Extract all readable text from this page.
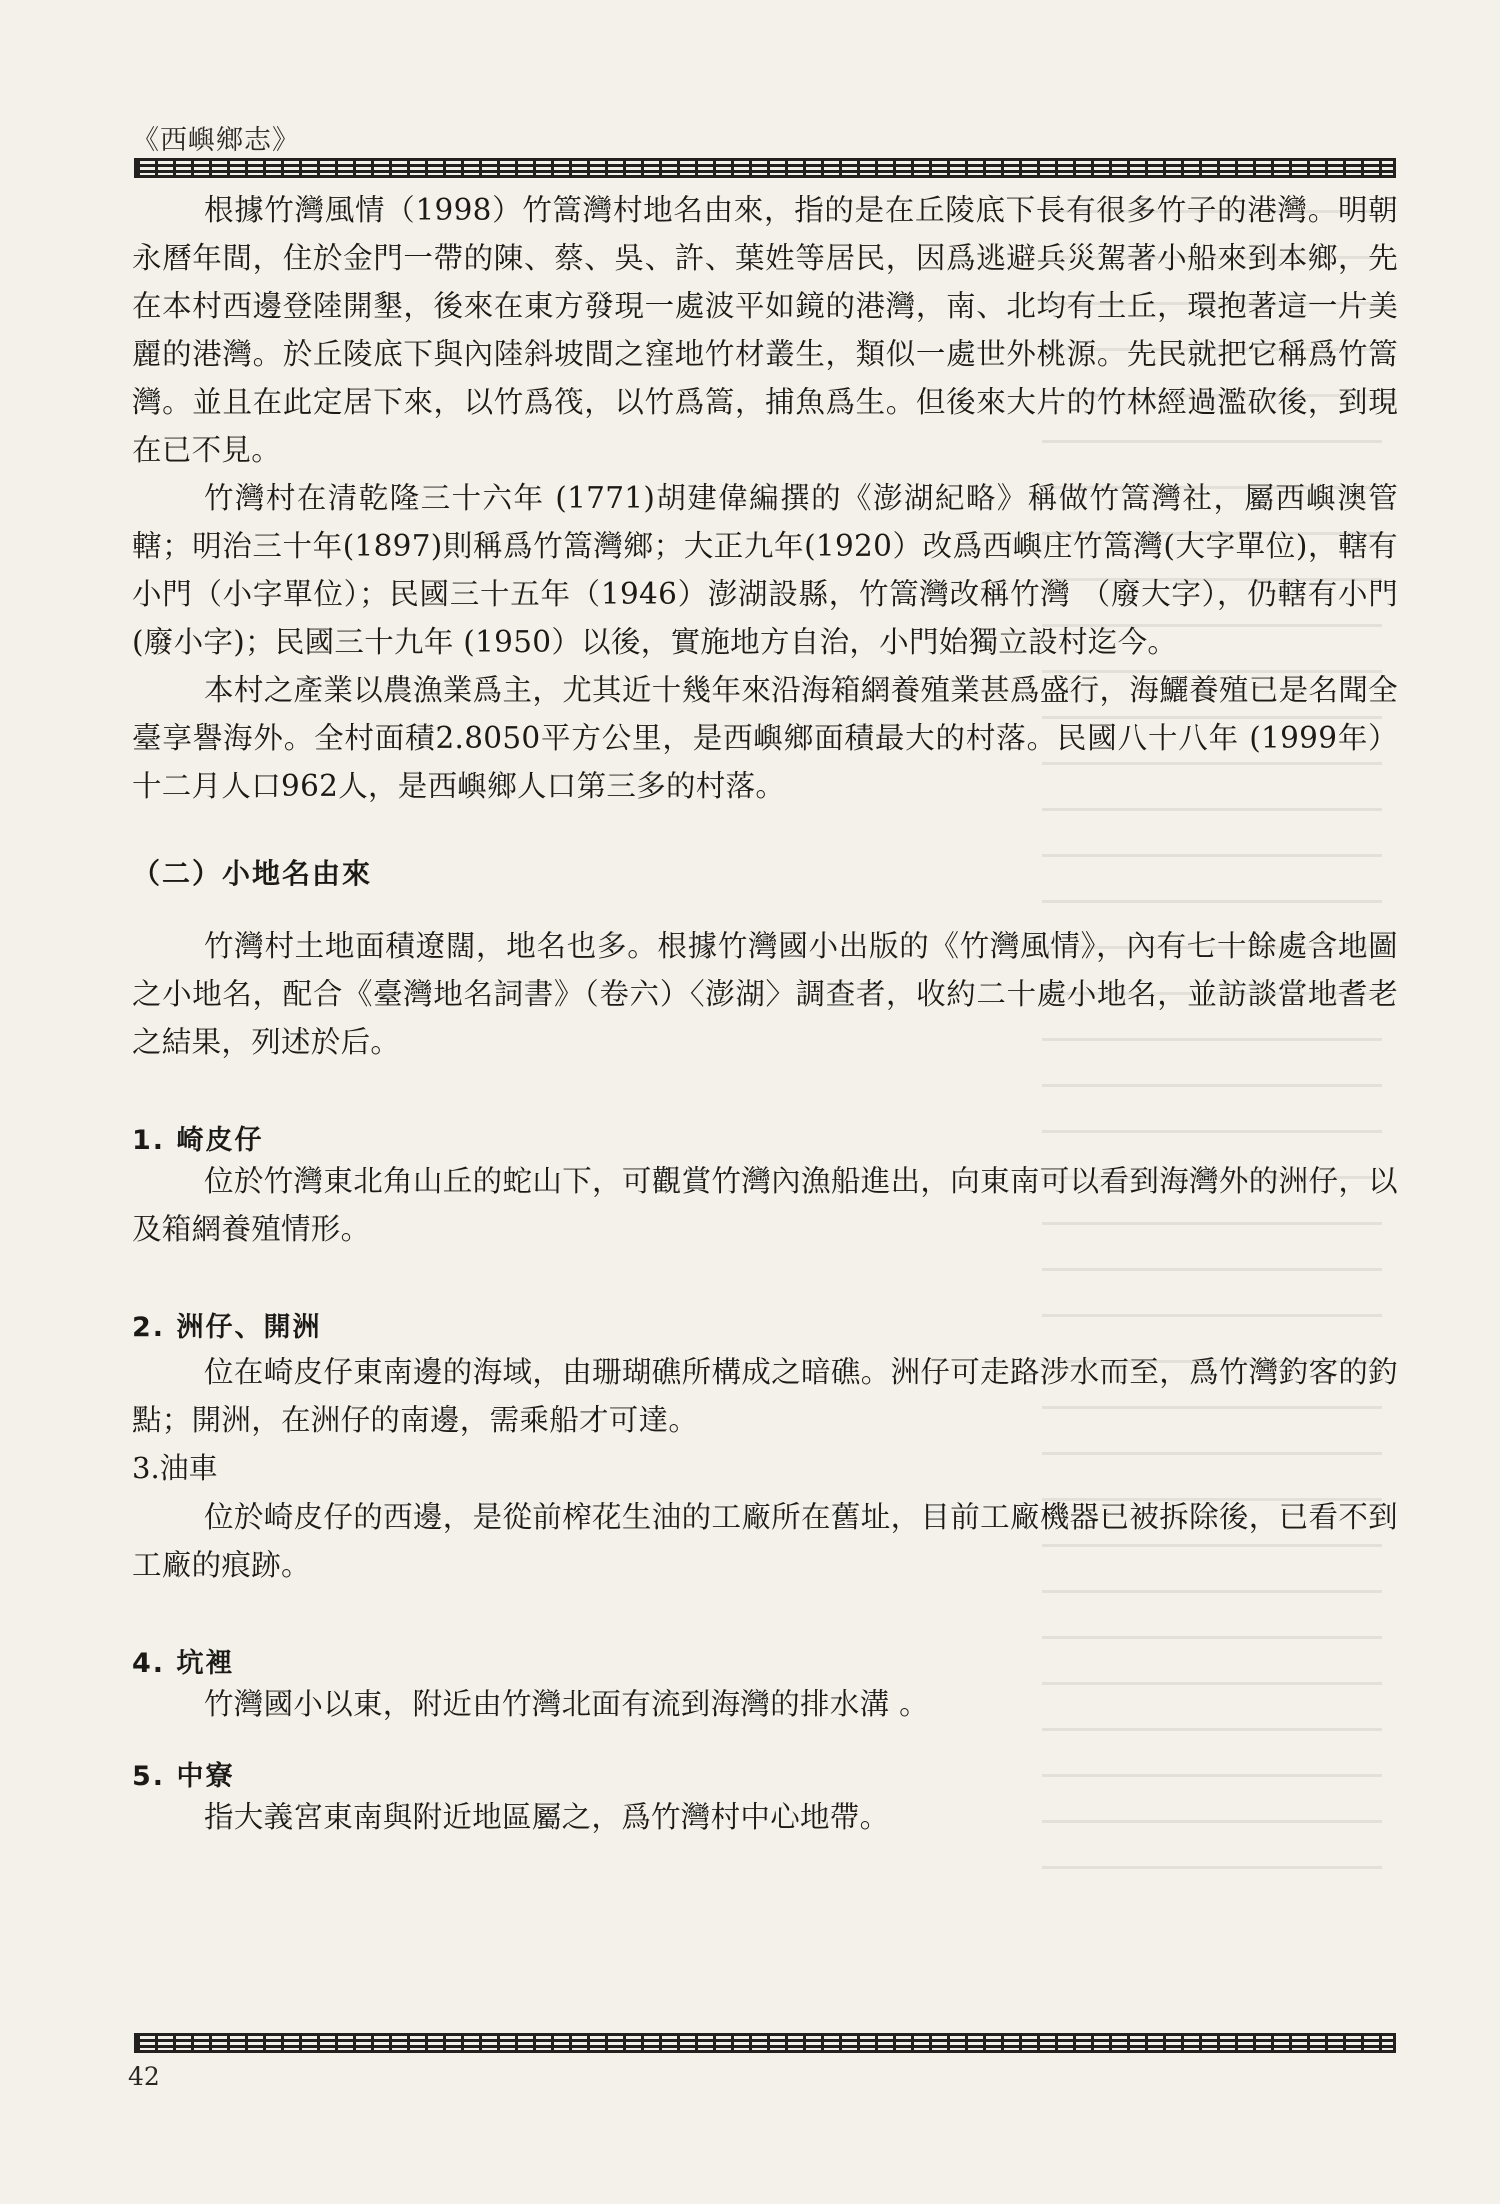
《西嶼鄉志》

根據竹灣風情（1998）竹篙灣村地名由來，指的是在丘陵底下長有很多竹子的港灣。明朝永曆年間，住於金門一帶的陳、蔡、吳、許、葉姓等居民，因爲逃避兵災駕著小船來到本鄉，先在本村西邊登陸開墾，後來在東方發現一處波平如鏡的港灣，南、北均有土丘，環抱著這一片美麗的港灣。於丘陵底下與內陸斜坡間之窪地竹材叢生，類似一處世外桃源。先民就把它稱爲竹篙灣。並且在此定居下來，以竹爲筏，以竹爲篙，捕魚爲生。但後來大片的竹林經過濫砍後，到現在已不見。

竹灣村在清乾隆三十六年 (1771)胡建偉編撰的《澎湖紀略》稱做竹篙灣社，屬西嶼澳管轄；明治三十年(1897)則稱爲竹篙灣鄉；大正九年(1920）改爲西嶼庄竹篙灣(大字單位)，轄有小門（小字單位）；民國三十五年（1946）澎湖設縣，竹篙灣改稱竹灣 （廢大字），仍轄有小門 (廢小字)；民國三十九年 (1950）以後，實施地方自治，小門始獨立設村迄今。

本村之產業以農漁業爲主，尤其近十幾年來沿海箱網養殖業甚爲盛行，海鱺養殖已是名聞全臺享譽海外。全村面積2.8050平方公里，是西嶼鄉面積最大的村落。民國八十八年 (1999年）十二月人口962人，是西嶼鄉人口第三多的村落。

（二）小地名由來

竹灣村土地面積遼闊，地名也多。根據竹灣國小出版的《竹灣風情》，內有七十餘處含地圖之小地名，配合《臺灣地名詞書》（卷六）〈澎湖〉調查者，收約二十處小地名，並訪談當地耆老之結果，列述於后。

1. 崎皮仔

位於竹灣東北角山丘的蛇山下，可觀賞竹灣內漁船進出，向東南可以看到海灣外的洲仔，以及箱網養殖情形。

2. 洲仔、開洲

位在崎皮仔東南邊的海域，由珊瑚礁所構成之暗礁。洲仔可走路涉水而至，爲竹灣釣客的釣點；開洲，在洲仔的南邊，需乘船才可達。

3.油車

位於崎皮仔的西邊，是從前榨花生油的工廠所在舊址，目前工廠機器已被拆除後，已看不到工廠的痕跡。

4. 坑裡

竹灣國小以東，附近由竹灣北面有流到海灣的排水溝 。

5. 中寮

指大義宮東南與附近地區屬之，爲竹灣村中心地帶。

42
